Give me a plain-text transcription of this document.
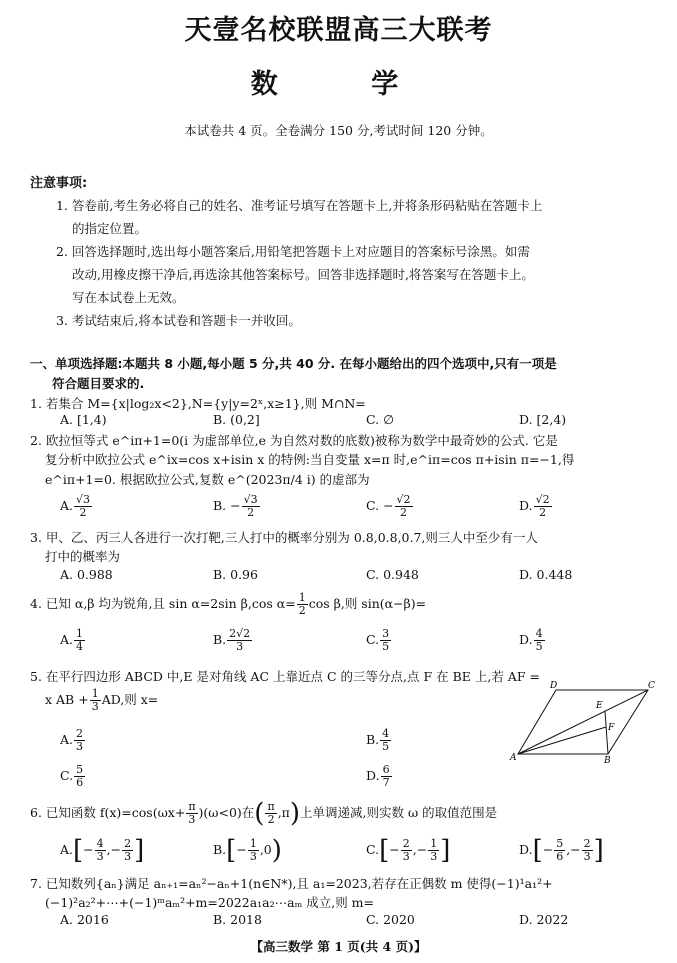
天壹名校联盟高三大联考
数 学
本试卷共 4 页。全卷满分 150 分,考试时间 120 分钟。
注意事项:
1. 答卷前,考生务必将自己的姓名、准考证号填写在答题卡上,并将条形码粘贴在答题卡上
的指定位置。
2. 回答选择题时,选出每小题答案后,用铅笔把答题卡上对应题目的答案标号涂黑。如需
改动,用橡皮擦干净后,再选涂其他答案标号。回答非选择题时,将答案写在答题卡上。
写在本试卷上无效。
3. 考试结束后,将本试卷和答题卡一并收回。
一、单项选择题:本题共 8 小题,每小题 5 分,共 40 分. 在每小题给出的四个选项中,只有一项是
符合题目要求的.
1. 若集合 M={x|log₂x<2},N={y|y=2ˣ,x≥1},则 M∩N=
A. [1,4)	B. (0,2]	C. ∅	D. [2,4)
2. 欧拉恒等式 e^iπ+1=0(i 为虚部单位,e 为自然对数的底数)被称为数学中最奇妙的公式. 它是
复分析中欧拉公式 e^ix=cos x+isin x 的特例:当自变量 x=π 时,e^iπ=cos π+isin π=−1,得
e^iπ+1=0. 根据欧拉公式,复数 e^(2023π/4 i) 的虚部为
A. $\frac{√3}{2}$	B. − $\frac{√3}{2}$	C. − $\frac{√2}{2}$	D. $\frac{√2}{2}$
3. 甲、乙、丙三人各进行一次打靶,三人打中的概率分别为 0.8,0.8,0.7,则三人中至少有一人
打中的概率为
A. 0.988	B. 0.96	C. 0.948	D. 0.448
4. 已知 α,β 均为锐角,且 sin α=2sin β,cos $\alpha= \frac{1}{2}$ cos β,则 sin(α−β)=
A. $\frac{1}{4}$	B. $\frac{2√2}{3}$	C. $\frac{3}{5}$	D. $\frac{4}{5}$
5. 在平行四边形 ABCD 中,E 是对角线 AC 上靠近点 C 的三等分点,点 F 在 BE 上,若 AF =
x AB + $\frac{1}{3}$ AD,则 x=
A. $\frac{2}{3}$	B. $\frac{4}{5}$
C. $\frac{5}{6}$	D. $\frac{6}{7}$
D	C
E
F
A	B
6. 已知函数 $f(x)=\cos(\omega x+ \frac{\pi}{3} )(\omega<0)$在( $\frac{\pi}{2} ,\pi$)上单调递减,则实数 ω 的取值范围是
$A.[- \frac{4}{3}$ ,− $\frac{2}{3}$ ]	$B.[- \frac{1}{3} ,0)$	$C.[- \frac{2}{3}$ ,− $\frac{1}{3}$ ]	$D.[- \frac{5}{6}$ ,− $\frac{2}{3}$ ]
7. 已知数列{aₙ}满足 aₙ₊₁=aₙ²−aₙ+1(n∈N*),且 a₁=2023,若存在正偶数 m 使得(−1)¹a₁²+
(−1)²a₂²+⋯+(−1)ᵐaₘ²+m=2022a₁a₂⋯aₘ 成立,则 m=
A. 2016	B. 2018	C. 2020	D. 2022
【高三数学 第 1 页(共 4 页)】
